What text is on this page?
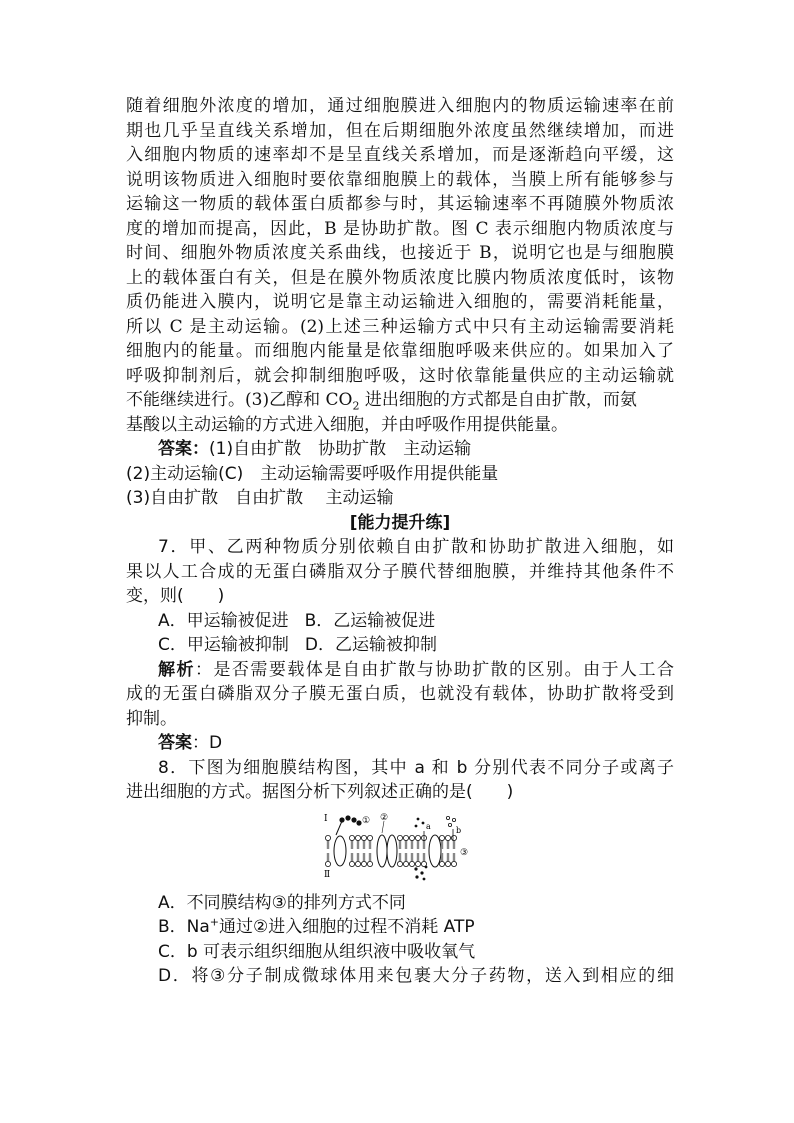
随着细胞外浓度的增加，通过细胞膜进入细胞内的物质运输速率在前
期也几乎呈直线关系增加，但在后期细胞外浓度虽然继续增加，而进
入细胞内物质的速率却不是呈直线关系增加，而是逐渐趋向平缓，这
说明该物质进入细胞时要依靠细胞膜上的载体，当膜上所有能够参与
运输这一物质的载体蛋白质都参与时，其运输速率不再随膜外物质浓
度的增加而提高，因此，B 是协助扩散。图 C 表示细胞内物质浓度与
时间、细胞外物质浓度关系曲线，也接近于 B，说明它也是与细胞膜
上的载体蛋白有关，但是在膜外物质浓度比膜内物质浓度低时，该物
质仍能进入膜内，说明它是靠主动运输进入细胞的，需要消耗能量，
所以 C 是主动运输。(2)上述三种运输方式中只有主动运输需要消耗
细胞内的能量。而细胞内能量是依靠细胞呼吸来供应的。如果加入了
呼吸抑制剂后，就会抑制细胞呼吸，这时依靠能量供应的主动运输就
不能继续进行。(3)乙醇和 $CO_2$ 进出细胞的方式都是自由扩散，而氨
基酸以主动运输的方式进入细胞，并由呼吸作用提供能量。
答案：(1)自由扩散　协助扩散　主动运输
(2)主动运输(C)　主动运输需要呼吸作用提供能量
(3)自由扩散　自由扩散　 主动运输
[能力提升练]
7．甲、乙两种物质分别依赖自由扩散和协助扩散进入细胞，如
果以人工合成的无蛋白磷脂双分子膜代替细胞膜，并维持其他条件不
变，则(　　)
A．甲运输被促进 B．乙运输被促进
C．甲运输被抑制 D．乙运输被抑制
解析：是否需要载体是自由扩散与协助扩散的区别。由于人工合
成的无蛋白磷脂双分子膜无蛋白质，也就没有载体，协助扩散将受到
抑制。
答案：D
8．下图为细胞膜结构图，其中 a 和 b 分别代表不同分子或离子
进出细胞的方式。据图分析下列叙述正确的是(　　)
Ⅰ
Ⅱ
① ②
a	b
③
A．不同膜结构③的排列方式不同
B．Na+通过②进入细胞的过程不消耗 ATP
C．b 可表示组织细胞从组织液中吸收氧气
D．将③分子制成微球体用来包裹大分子药物，送入到相应的细
